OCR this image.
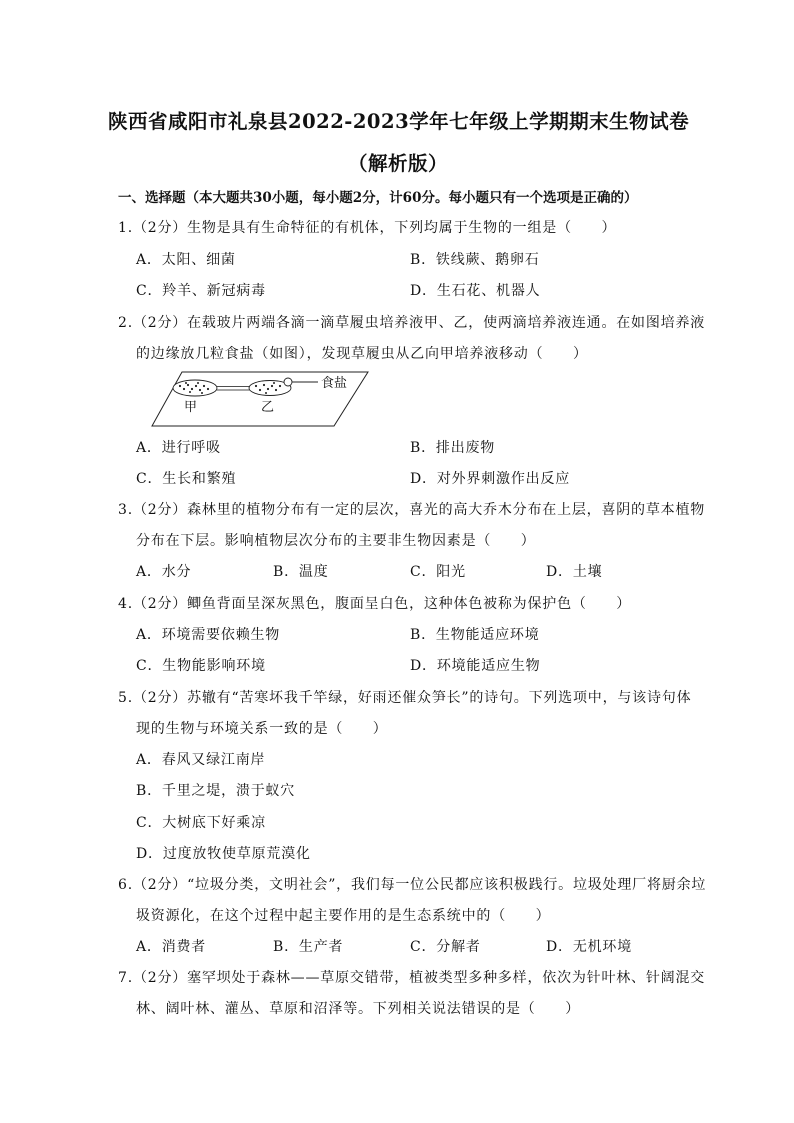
陕西省咸阳市礼泉县2022-2023学年七年级上学期期末生物试卷
（解析版）
一、选择题（本大题共30小题，每小题2分，计60分。每小题只有一个选项是正确的）
1.（2分）生物是具有生命特征的有机体，下列均属于生物的一组是（　　）
A．太阳、细菌	B．铁线蕨、鹅卵石
C．羚羊、新冠病毒	D．生石花、机器人
2.（2分）在载玻片两端各滴一滴草履虫培养液甲、乙，使两滴培养液连通。在如图培养液
的边缘放几粒食盐（如图），发现草履虫从乙向甲培养液移动（　　）
食盐
甲	乙
A．进行呼吸	B．排出废物
C．生长和繁殖	D．对外界刺激作出反应
3.（2分）森林里的植物分布有一定的层次，喜光的高大乔木分布在上层，喜阴的草本植物
分布在下层。影响植物层次分布的主要非生物因素是（　　）
A．水分	B．温度	C．阳光	D．土壤
4.（2分）鲫鱼背面呈深灰黑色，腹面呈白色，这种体色被称为保护色（　　）
A．环境需要依赖生物	B．生物能适应环境
C．生物能影响环境	D．环境能适应生物
5.（2分）苏辙有“苦寒坏我千竿绿，好雨还催众笋长”的诗句。下列选项中，与该诗句体
现的生物与环境关系一致的是（　　）
A．春风又绿江南岸
B．千里之堤，溃于蚁穴
C．大树底下好乘凉
D．过度放牧使草原荒漠化
6.（2分）“垃圾分类，文明社会”，我们每一位公民都应该积极践行。垃圾处理厂将厨余垃
圾资源化，在这个过程中起主要作用的是生态系统中的（　　）
A．消费者	B．生产者	C．分解者	D．无机环境
7.（2分）塞罕坝处于森林——草原交错带，植被类型多种多样，依次为针叶林、针阔混交
林、阔叶林、灌丛、草原和沼泽等。下列相关说法错误的是（　　）
